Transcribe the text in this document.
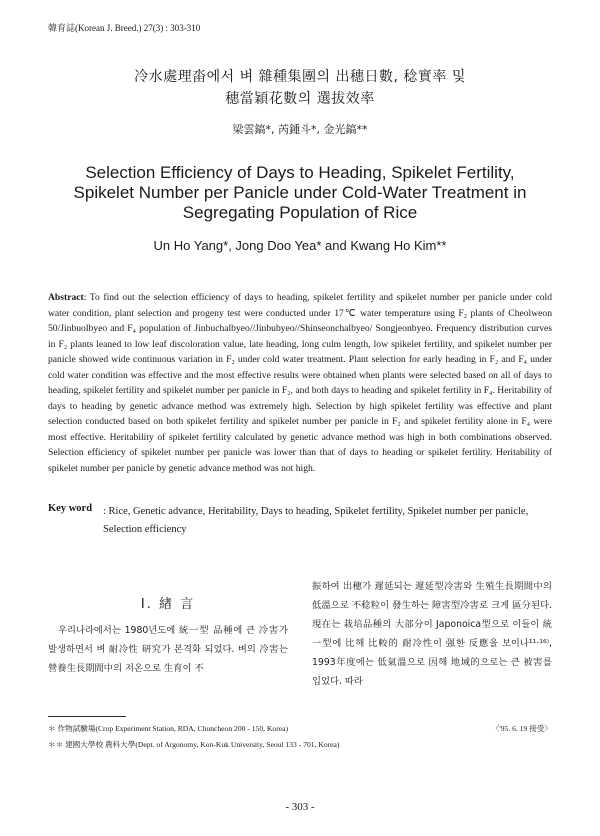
韓育誌(Korean J. Breed.) 27(3) : 303-310
冷水處理畓에서 벼 雜種集團의 出穗日數, 稔實率 및
穗當穎花數의 選拔效率
梁雲鎬*, 芮鍾斗*, 金光鎬**
Selection Efficiency of Days to Heading, Spikelet Fertility,
Spikelet Number per Panicle under Cold-Water Treatment in
Segregating Population of Rice
Un Ho Yang*, Jong Doo Yea* and Kwang Ho Kim**
Abstract: To find out the selection efficiency of days to heading, spikelet fertility and spikelet number per panicle under cold water condition, plant selection and progeny test were conducted under 17℃ water temperature using F₂ plants of Cheolweon 50/Jinbuolbyeo and F₄ population of Jinbuchalbyeo//Jinbubyeo//Shinseonchalbyeo/ Songjeonbyeo. Frequency distribution curves in F₂ plants leaned to low leaf discoloration value, late heading, long culm length, low spikelet fertility, and spikelet number per panicle showed wide continuous variation in F₂ under cold water treatment. Plant selection for early heading in F₂ and F₄ under cold water condition was effective and the most effective results were obtained when plants were selected based on all of days to heading, spikelet fertility and spikelet number per panicle in F₂, and both days to heading and spikelet fertility in F₄. Heritability of days to heading by genetic advance method was extremely high. Selection by high spikelet fertility was effective and plant selection conducted based on both spikelet fertility and spikelet number per panicle in F₂ and spikelet fertility alone in F₄ were most effective. Heritability of spikelet fertility calculated by genetic advance method was high in both combinations observed. Selection efficiency of spikelet number per panicle was lower than that of days to heading or spikelet fertility. Heritability of spikelet number per panicle by genetic advance method was not high.
Key word : Rice, Genetic advance, Heritability, Days to heading, Spikelet fertility, Spikelet number per panicle, Selection efficiency
Ⅰ. 緖 言
우리나라에서는 1980년도에 統一型 品種에 큰 冷害가 발생하면서 벼 耐冷性 研究가 본격화 되었다. 벼의 冷害는 營養生長期間中의 저온으로 生育이 不
振하여 出穗가 遲延되는 遲延型冷害와 生殖生長期間中의 低溫으로 不稔粒이 發生하는 障害型冷害로 크게 區分된다. 現在는 栽培品種의 大部分이 Japonoica型으로 이들이 統一型에 比해 比較的 耐冷性이 强한 反應을 보이나¹¹·¹⁶⁾, 1993年度에는 低氣溫으로 因해 地域的으로는 큰 被害를 입었다. 따라
＊ 作物試驗場(Crop Experiment Station, RDA, Chuncheon 200 - 150, Korea)
＊＊ 建國大學校 農科大學(Dept. of Argonomy, Kon-Kuk University, Seoul 133 - 701, Korea)
〈'95. 6. 19 接受〉
- 303 -
